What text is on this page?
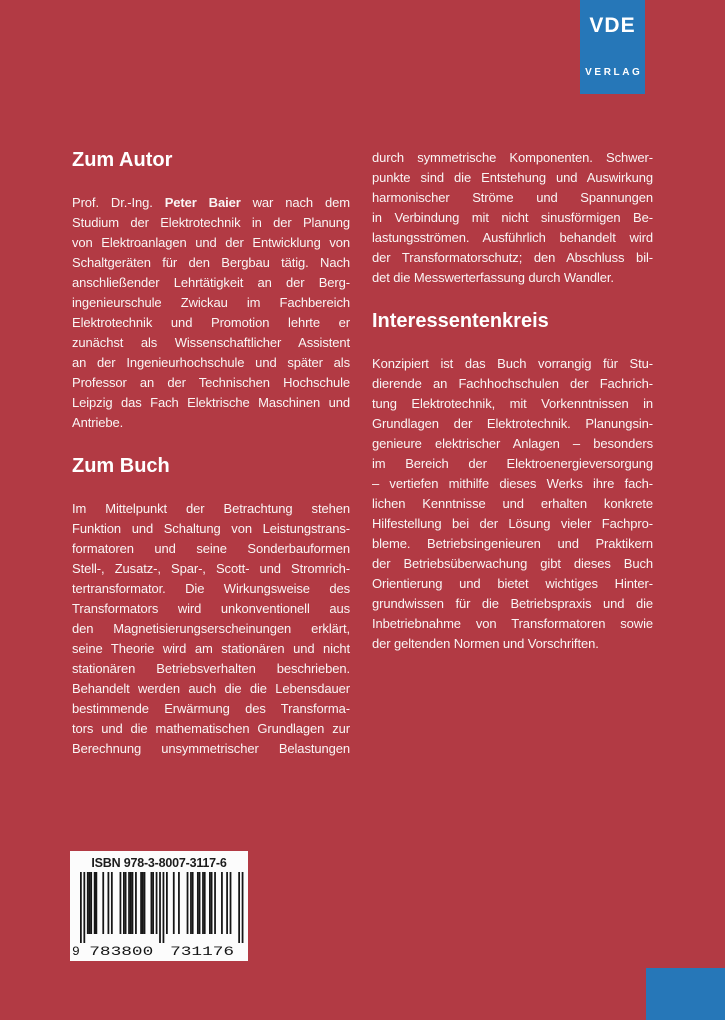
VDE
VERLAG
Zum Autor
Prof. Dr.-Ing. Peter Baier war nach dem
Studium der Elektrotechnik in der Planung
von Elektroanlagen und der Entwicklung von
Schaltgeräten für den Bergbau tätig. Nach
anschließender Lehrtätigkeit an der Berg-
ingenieurschule Zwickau im Fachbereich
Elektrotechnik und Promotion lehrte er
zunächst als Wissenschaftlicher Assistent
an der Ingenieurhochschule und später als
Professor an der Technischen Hochschule
Leipzig das Fach Elektrische Maschinen und
Antriebe.
Zum Buch
Im Mittelpunkt der Betrachtung stehen
Funktion und Schaltung von Leistungstrans-
formatoren und seine Sonderbauformen
Stell-, Zusatz-, Spar-, Scott- und Stromrich-
tertransformator. Die Wirkungsweise des
Transformators wird unkonventionell aus
den Magnetisierungserscheinungen erklärt,
seine Theorie wird am stationären und nicht
stationären Betriebsverhalten beschrieben.
Behandelt werden auch die die Lebensdauer
bestimmende Erwärmung des Transforma-
tors und die mathematischen Grundlagen zur
Berechnung unsymmetrischer Belastungen
durch symmetrische Komponenten. Schwer-
punkte sind die Entstehung und Auswirkung
harmonischer Ströme und Spannungen
in Verbindung mit nicht sinusförmigen Be-
lastungsströmen. Ausführlich behandelt wird
der Transformatorschutz; den Abschluss bil-
det die Messwerterfassung durch Wandler.
Interessentenkreis
Konzipiert ist das Buch vorrangig für Stu-
dierende an Fachhochschulen der Fachrich-
tung Elektrotechnik, mit Vorkenntnissen in
Grundlagen der Elektrotechnik. Planungsin-
genieure elektrischer Anlagen – besonders
im Bereich der Elektroenergieversorgung
– vertiefen mithilfe dieses Werks ihre fach-
lichen Kenntnisse und erhalten konkrete
Hilfestellung bei der Lösung vieler Fachpro-
bleme. Betriebsingenieuren und Praktikern
der Betriebsüberwachung gibt dieses Buch
Orientierung und bietet wichtiges Hinter-
grundwissen für die Betriebspraxis und die
Inbetriebnahme von Transformatoren sowie
der geltenden Normen und Vorschriften.
ISBN 978-3-8007-3117-6
9 783800 731176
